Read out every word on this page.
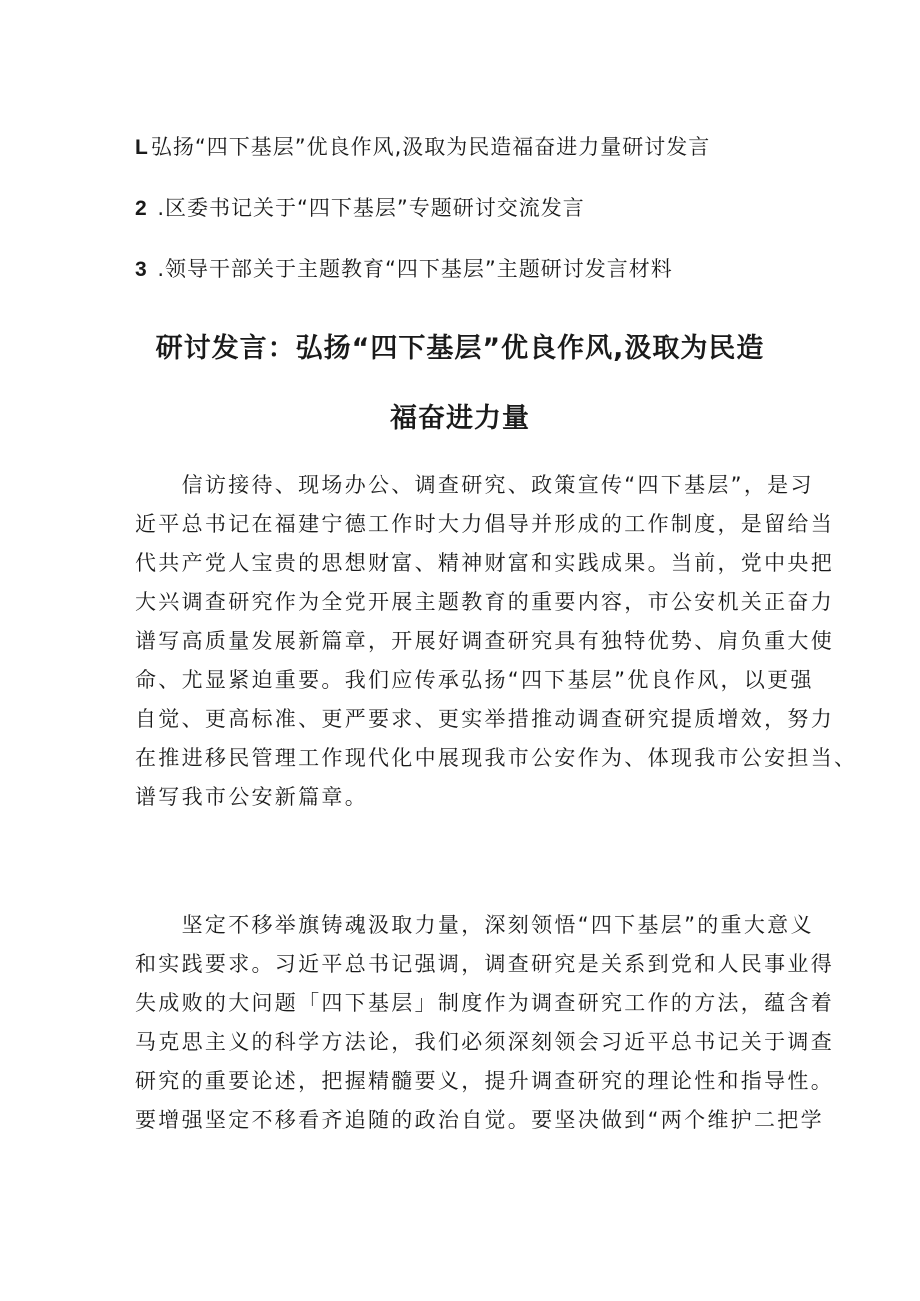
L弘扬“四下基层”优良作风,汲取为民造福奋进力量研讨发言
2 .区委书记关于“四下基层”专题研讨交流发言
3 .领导干部关于主题教育“四下基层”主题研讨发言材料
研讨发言：弘扬“四下基层”优良作风,汲取为民造
福奋进力量
　　信访接待、现场办公、调查研究、政策宣传“四下基层”，是习
近平总书记在福建宁德工作时大力倡导并形成的工作制度，是留给当
代共产党人宝贵的思想财富、精神财富和实践成果。当前，党中央把
大兴调查研究作为全党开展主题教育的重要内容，市公安机关正奋力
谱写高质量发展新篇章，开展好调查研究具有独特优势、肩负重大使
命、尤显紧迫重要。我们应传承弘扬“四下基层”优良作风，以更强
自觉、更高标准、更严要求、更实举措推动调查研究提质增效，努力
在推进移民管理工作现代化中展现我市公安作为、体现我市公安担当、
谱写我市公安新篇章。
　　坚定不移举旗铸魂汲取力量，深刻领悟“四下基层”的重大意义
和实践要求。习近平总书记强调，调查研究是关系到党和人民事业得
失成败的大问题「四下基层」制度作为调查研究工作的方法，蕴含着
马克思主义的科学方法论，我们必须深刻领会习近平总书记关于调查
研究的重要论述，把握精髓要义，提升调查研究的理论性和指导性。
要增强坚定不移看齐追随的政治自觉。要坚决做到“两个维护二把学
